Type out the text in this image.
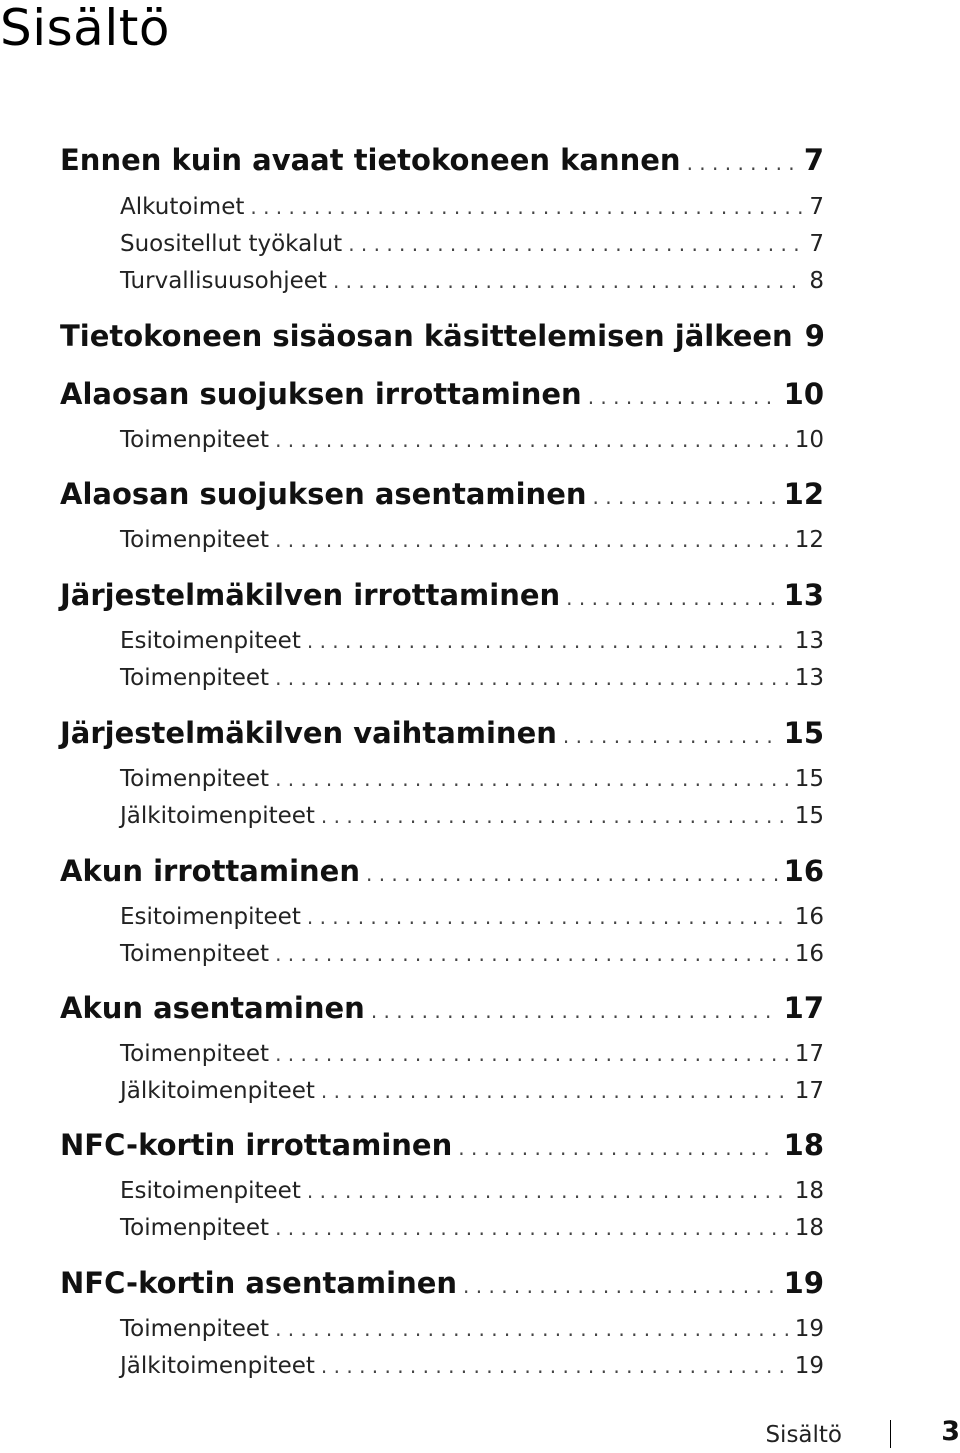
Sisältö
Ennen kuin avaat tietokoneen kannen . . .	7
Alkutoimet . . .	7
Suositellut työkalut . . .	7
Turvallisuusohjeet . . .	8
Tietokoneen sisäosan käsittelemisen jälkeen 9
Alaosan suojuksen irrottaminen . . .	10
Toimenpiteet . . .	10
Alaosan suojuksen asentaminen . . .	12
Toimenpiteet . . .	12
Järjestelmäkilven irrottaminen . . .	13
Esitoimenpiteet . . .	13
Toimenpiteet . . .	13
Järjestelmäkilven vaihtaminen . . .	15
Toimenpiteet . . .	15
Jälkitoimenpiteet . . .	15
Akun irrottaminen . . .	16
Esitoimenpiteet . . .	16
Toimenpiteet . . .	16
Akun asentaminen . . .	17
Toimenpiteet . . .	17
Jälkitoimenpiteet . . .	17
NFC-kortin irrottaminen . . .	18
Esitoimenpiteet . . .	18
Toimenpiteet . . .	18
NFC-kortin asentaminen . . .	19
Toimenpiteet . . .	19
Jälkitoimenpiteet . . .	19
Sisältö	3
